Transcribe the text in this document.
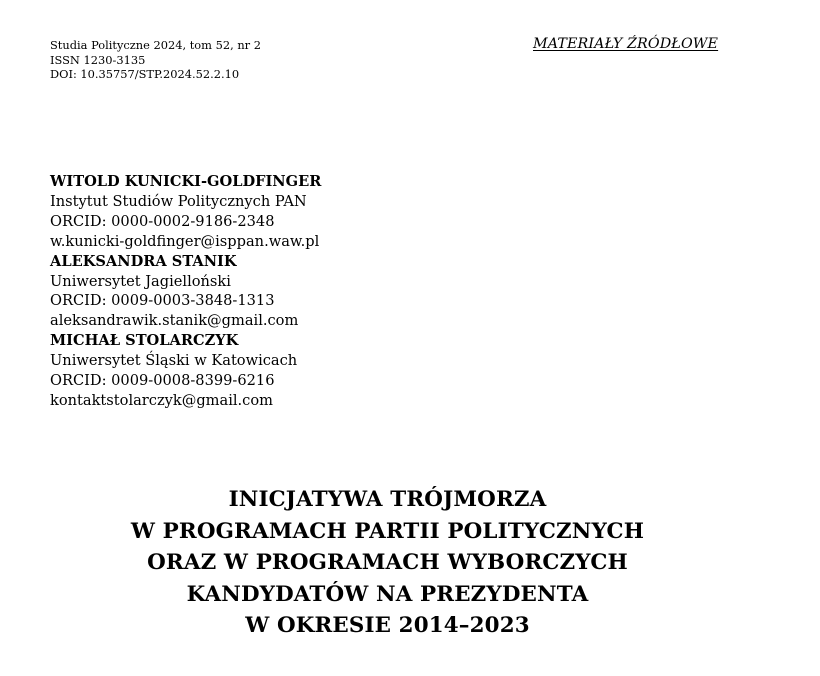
Studia Polityczne 2024, tom 52, nr 2
ISSN 1230-3135
DOI: 10.35757/STP.2024.52.2.10
MATERIAŁY ŹRÓDŁOWE
WITOLD KUNICKI-GOLDFINGER
Instytut Studiów Politycznych PAN
ORCID: 0000-0002-9186-2348
w.kunicki-goldfinger@isppan.waw.pl
ALEKSANDRA STANIK
Uniwersytet Jagielloński
ORCID: 0009-0003-3848-1313
aleksandrawik.stanik@gmail.com
MICHAŁ STOLARCZYK
Uniwersytet Śląski w Katowicach
ORCID: 0009-0008-8399-6216
kontaktstolarczyk@gmail.com
INICJATYWA TRÓJMORZA
W PROGRAMACH PARTII POLITYCZNYCH
ORAZ W PROGRAMACH WYBORCZYCH
KANDYDATÓW NA PREZYDENTA
W OKRESIE 2014–2023
